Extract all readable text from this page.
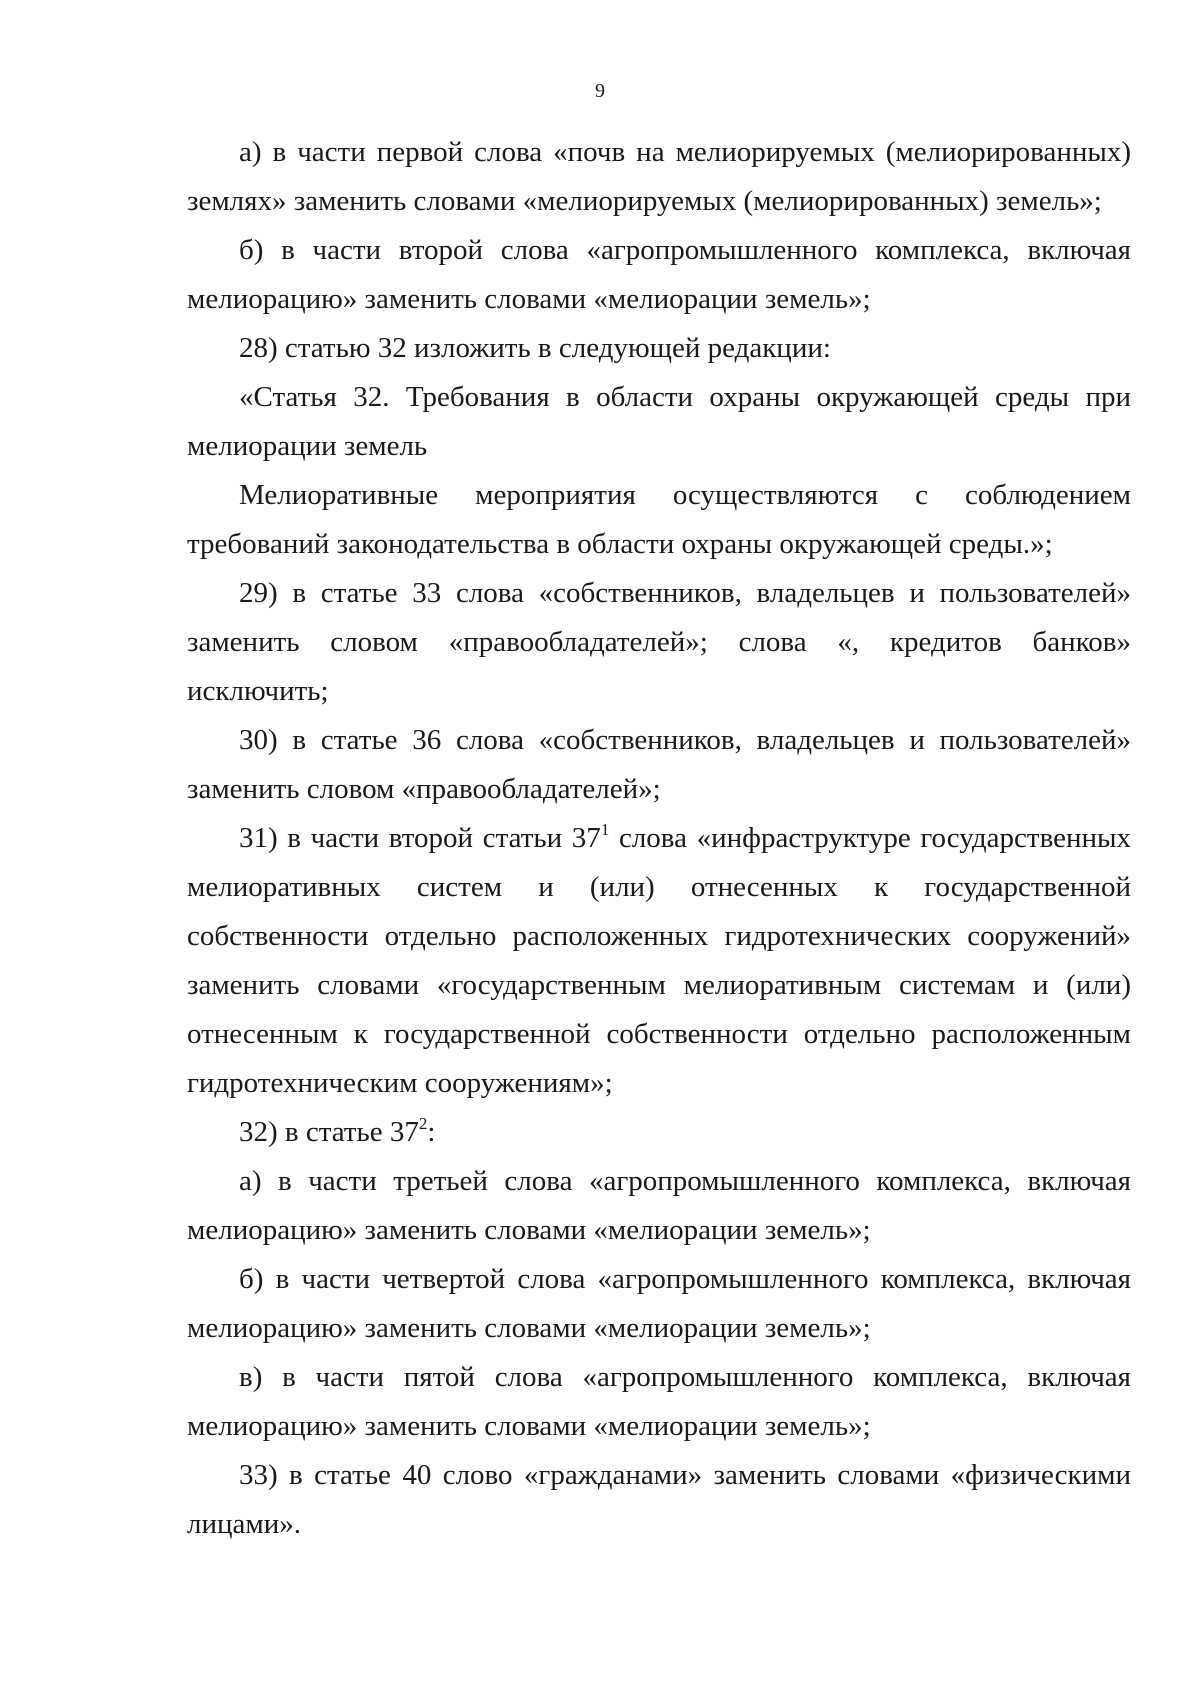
9

а) в части первой слова «почв на мелиорируемых (мелиорированных) землях» заменить словами «мелиорируемых (мелиорированных) земель»;

б) в части второй слова «агропромышленного комплекса, включая мелиорацию» заменить словами «мелиорации земель»;

28) статью 32 изложить в следующей редакции:

«Статья 32. Требования в области охраны окружающей среды при мелиорации земель

Мелиоративные мероприятия осуществляются с соблюдением требований законодательства в области охраны окружающей среды.»;

29) в статье 33 слова «собственников, владельцев и пользователей» заменить словом «правообладателей»; слова «, кредитов банков» исключить;

30) в статье 36 слова «собственников, владельцев и пользователей» заменить словом «правообладателей»;

31) в части второй статьи $37^1$ слова «инфраструктуре государственных мелиоративных систем и (или) отнесенных к государственной собственности отдельно расположенных гидротехнических сооружений» заменить словами «государственным мелиоративным системам и (или) отнесенным к государственной собственности отдельно расположенным гидротехническим сооружениям»;

32) в статье $37^2$:

а) в части третьей слова «агропромышленного комплекса, включая мелиорацию» заменить словами «мелиорации земель»;

б) в части четвертой слова «агропромышленного комплекса, включая мелиорацию» заменить словами «мелиорации земель»;

в) в части пятой слова «агропромышленного комплекса, включая мелиорацию» заменить словами «мелиорации земель»;

33) в статье 40 слово «гражданами» заменить словами «физическими лицами».
